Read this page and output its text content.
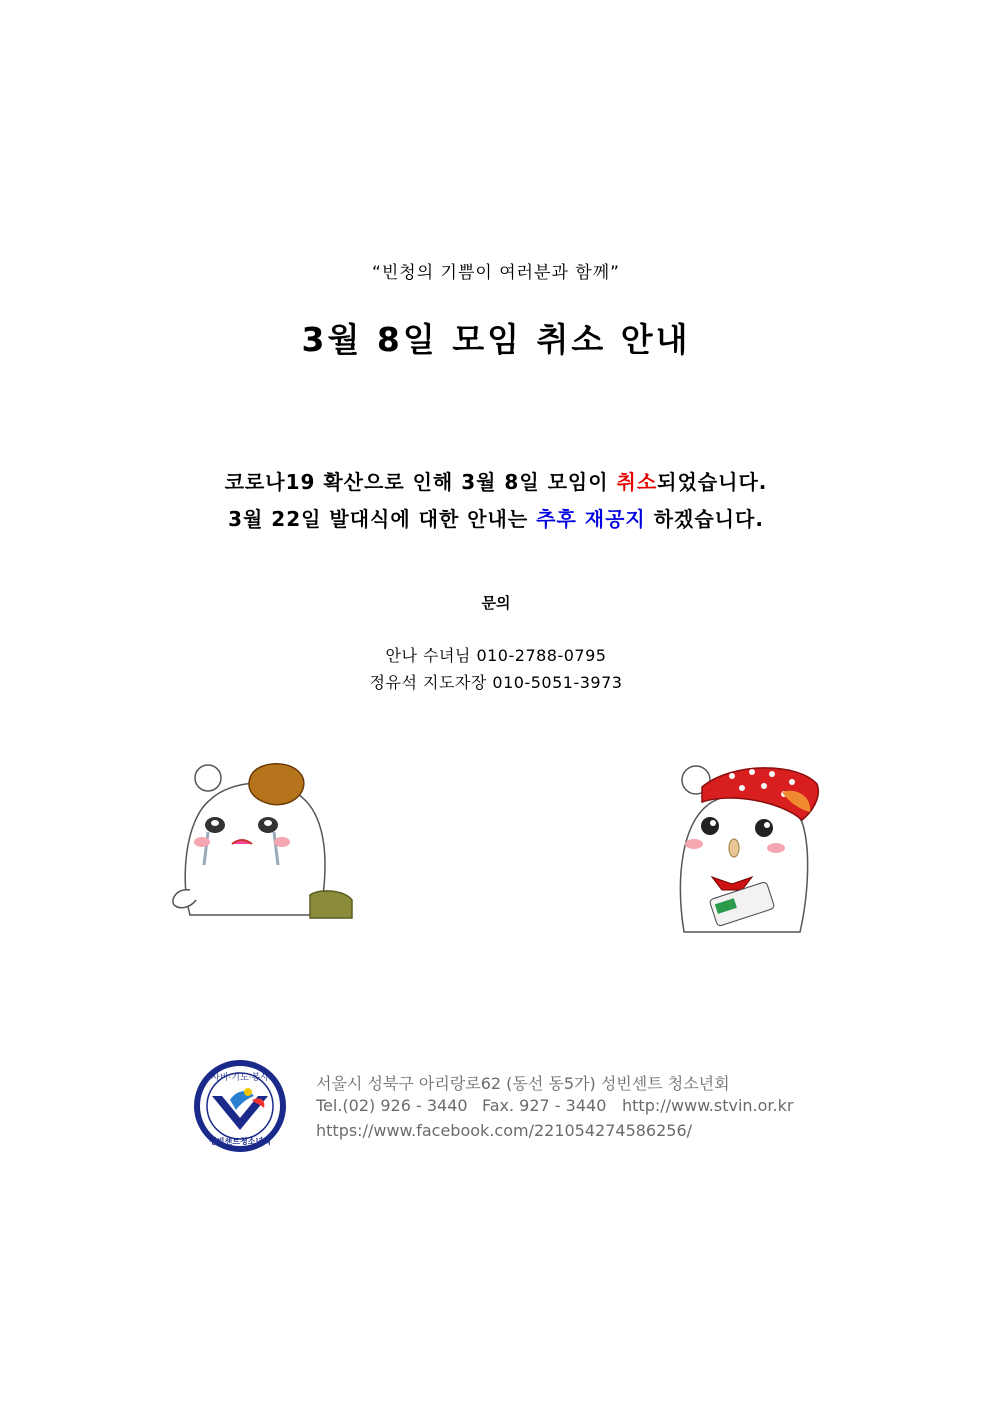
“빈청의 기쁨이 여러분과 함께”
3월 8일 모임 취소 안내
코로나19 확산으로 인해 3월 8일 모임이 취소되었습니다.
3월 22일 발대식에 대한 안내는 추후 재공지 하겠습니다.
문의
안나 수녀님 010-2788-0795
정유석 지도자장 010-5051-3973
자비·기도·봉사
성빈센트청소년회
서울시 성북구 아리랑로62 (동선 동5가) 성빈센트 청소년회
Tel.(02) 926 - 3440 Fax. 927 - 3440 http://www.stvin.or.kr
https://www.facebook.com/221054274586256/
